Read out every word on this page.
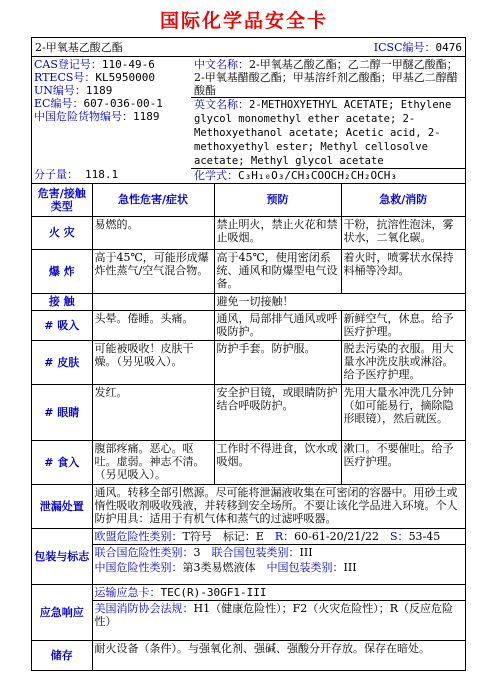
国际化学品安全卡
2-甲氧基乙酸乙酯	ICSC编号：0476
CAS登记号：110-49-6
RTECS号：KL5950000
UN编号：1189
EC编号：607-036-00-1
中国危险货物编号：1189
分子量： 118.1
中文名称：2-甲氧基乙酸乙酯；乙二醇一甲醚乙酸酯；2-甲氧基醋酸乙酯；甲基溶纤剂乙酸酯；甲基乙二醇醋酸酯
英文名称：2-METHOXYETHYL ACETATE; Ethylene glycol monomethyl ether acetate; 2-Methoxyethanol acetate; Acetic acid, 2-methoxyethyl ester; Methyl cellosolve acetate; Methyl glycol acetate
化学式：C₃H₁₀O₃/CH₃COOCH₂CH₂OCH₃
危害/接触类型	急性危害/症状	预防	急救/消防
火 灾	易燃的。	禁止明火，禁止火花和禁止吸烟。	干粉，抗溶性泡沫，雾状水，二氧化碳。
爆 炸	高于45℃，可能形成爆炸性蒸气/空气混合物。	高于45℃，使用密闭系统、通风和防爆型电气设备。	着火时，喷雾状水保持料桶等冷却。
接 触		避免一切接触！	
# 吸入	头晕。倦睡。头痛。	通风，局部排气通风或呼吸防护。	新鲜空气，休息。给予医疗护理。
# 皮肤	可能被吸收！皮肤干燥。（另见吸入）。	防护手套。防护服。	脱去污染的衣服。用大量水冲洗皮肤或淋浴。给予医疗护理。
# 眼睛	发红。	安全护目镜，或眼睛防护结合呼吸防护。	先用大量水冲洗几分钟（如可能易行，摘除隐形眼镜），然后就医。
# 食入	腹部疼痛。恶心。呕吐。虚弱。神志不清。（另见吸入）。	工作时不得进食，饮水或吸烟。	漱口。不要催吐。给予医疗护理。
泄漏处置	通风。转移全部引燃源。尽可能将泄漏液收集在可密闭的容器中。用砂土或惰性吸收剂吸收残液，并转移到安全场所。不要让该化学品进入环境。个人防护用具：适用于有机气体和蒸气的过滤呼吸器。		
包装与标志	欧盟危险性类别：T符号　标记：E　R：60-61-20/21/22　S：53-45
联合国危险性类别：3　联合国包装类别：III
中国危险性类别：第3类易燃液体　中国包装类别：III		

应急响应	运输应急卡：TEC(R)-30GF1-III
美国消防协会法规：H1（健康危险性）；F2（火灾危险性）；R（反应危险性）		

储存	耐火设备（条件）。与强氧化剂、强碱、强酸分开存放。保存在暗处。		
